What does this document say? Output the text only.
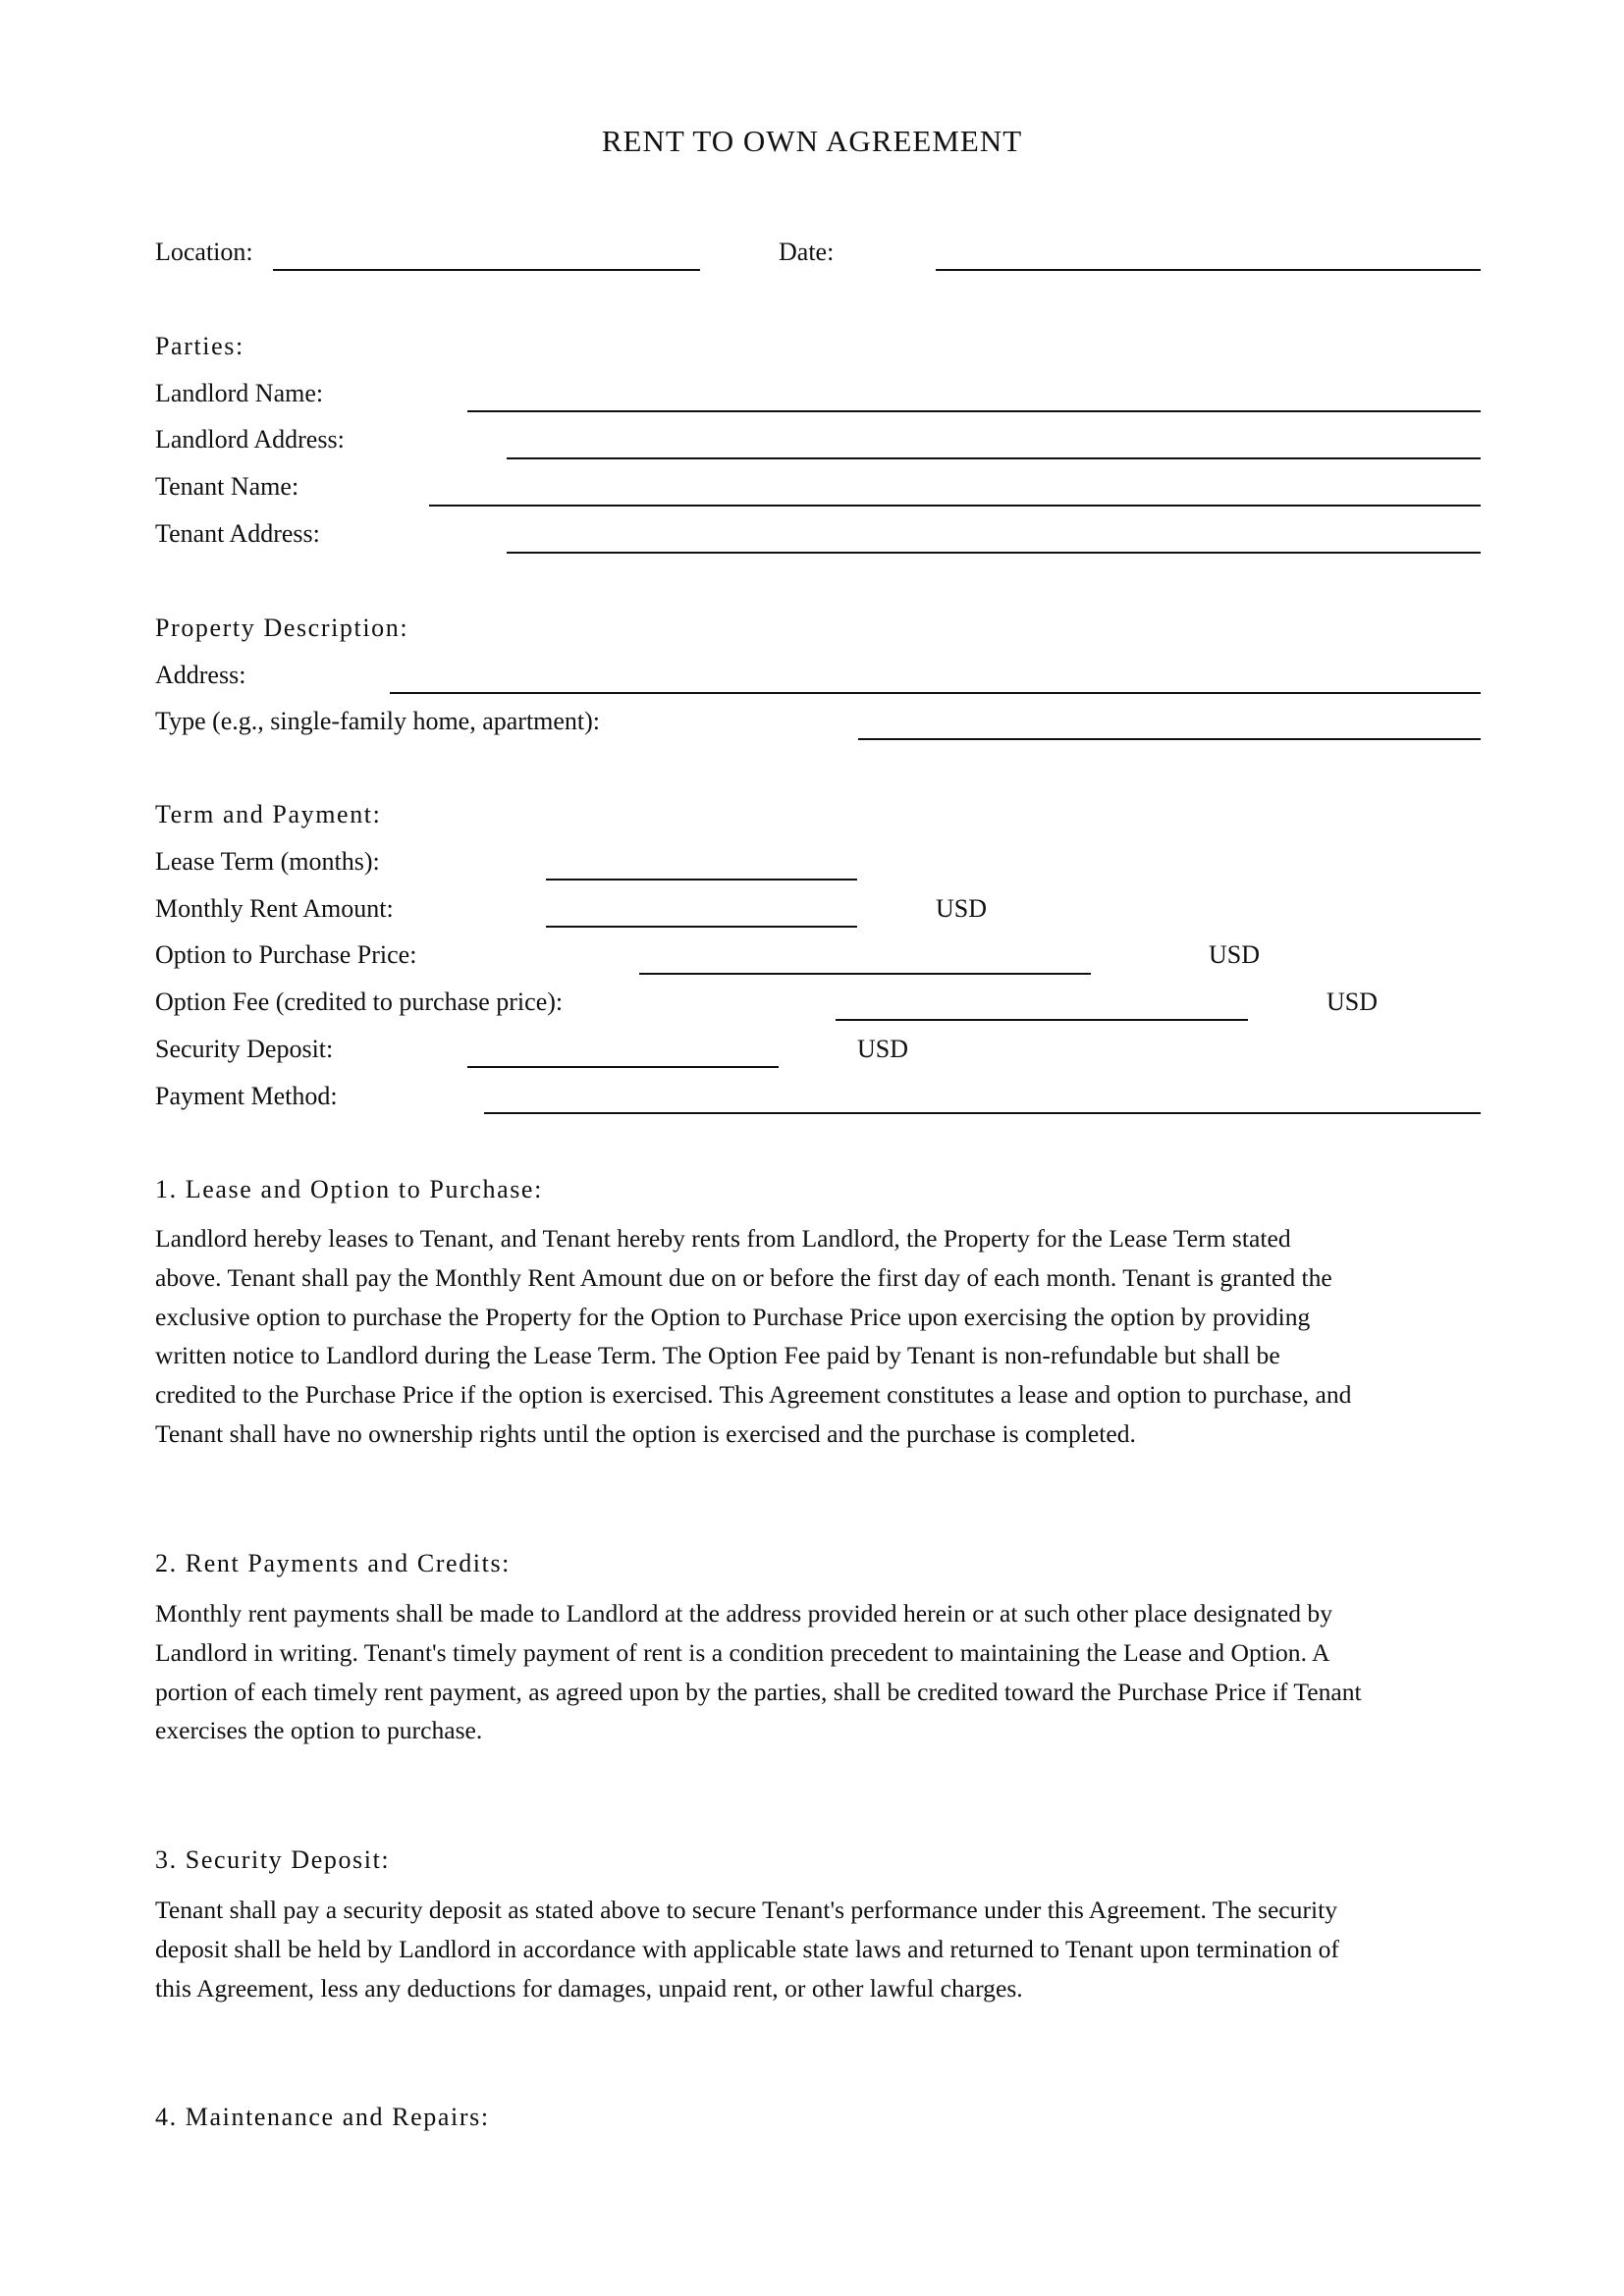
RENT TO OWN AGREEMENT
Location:	Date:
Parties:
Landlord Name:
Landlord Address:
Tenant Name:
Tenant Address:
Property Description:
Address:
Type (e.g., single-family home, apartment):
Term and Payment:
Lease Term (months):
Monthly Rent Amount:	USD
Option to Purchase Price:	USD
Option Fee (credited to purchase price):	USD
Security Deposit:	USD
Payment Method:
1. Lease and Option to Purchase:
Landlord hereby leases to Tenant, and Tenant hereby rents from Landlord, the Property for the Lease Term stated
above. Tenant shall pay the Monthly Rent Amount due on or before the first day of each month. Tenant is granted the
exclusive option to purchase the Property for the Option to Purchase Price upon exercising the option by providing
written notice to Landlord during the Lease Term. The Option Fee paid by Tenant is non-refundable but shall be
credited to the Purchase Price if the option is exercised. This Agreement constitutes a lease and option to purchase, and
Tenant shall have no ownership rights until the option is exercised and the purchase is completed.
2. Rent Payments and Credits:
Monthly rent payments shall be made to Landlord at the address provided herein or at such other place designated by
Landlord in writing. Tenant's timely payment of rent is a condition precedent to maintaining the Lease and Option. A
portion of each timely rent payment, as agreed upon by the parties, shall be credited toward the Purchase Price if Tenant
exercises the option to purchase.
3. Security Deposit:
Tenant shall pay a security deposit as stated above to secure Tenant's performance under this Agreement. The security
deposit shall be held by Landlord in accordance with applicable state laws and returned to Tenant upon termination of
this Agreement, less any deductions for damages, unpaid rent, or other lawful charges.
4. Maintenance and Repairs:
